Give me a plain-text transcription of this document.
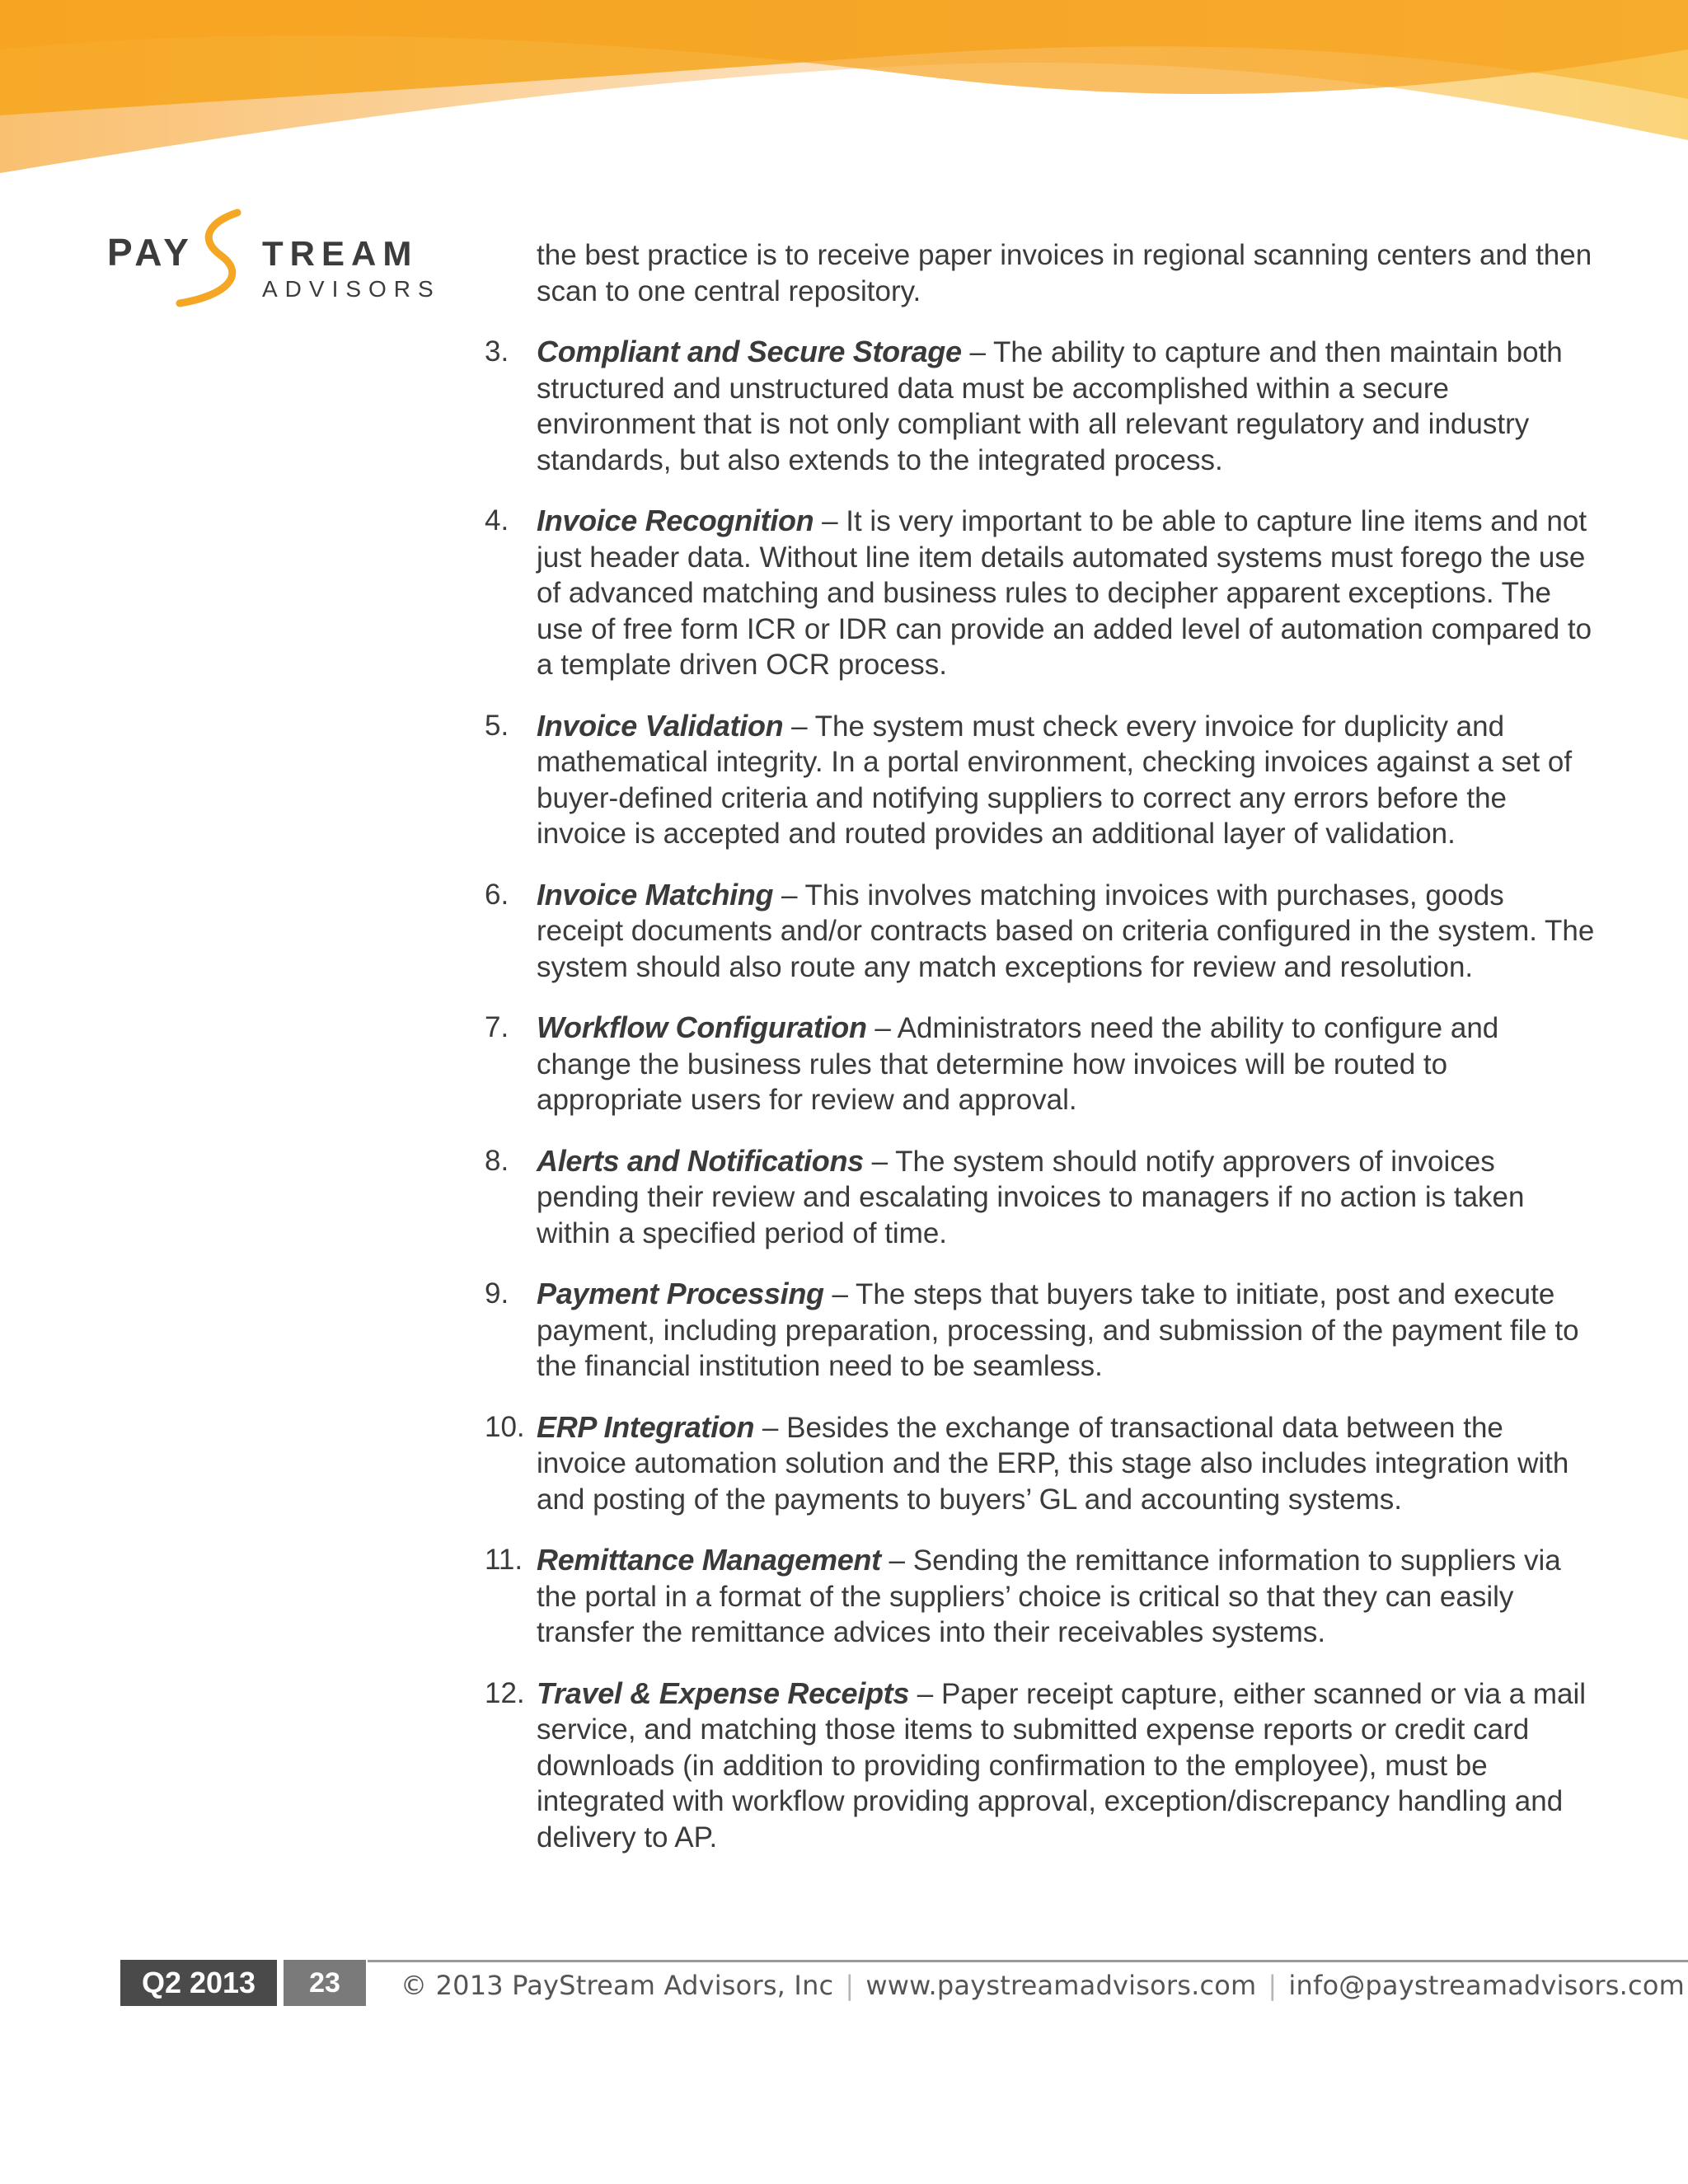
PAY TREAM
ADVISORS

the best practice is to receive paper invoices in regional scanning centers and then scan to one central repository.

3. Compliant and Secure Storage – The ability to capture and then maintain both structured and unstructured data must be accomplished within a secure environment that is not only compliant with all relevant regulatory and industry standards, but also extends to the integrated process.
4. Invoice Recognition – It is very important to be able to capture line items and not just header data. Without line item details automated systems must forego the use of advanced matching and business rules to decipher apparent exceptions. The use of free form ICR or IDR can provide an added level of automation compared to a template driven OCR process.
5. Invoice Validation – The system must check every invoice for duplicity and mathematical integrity. In a portal environment, checking invoices against a set of buyer-defined criteria and notifying suppliers to correct any errors before the invoice is accepted and routed provides an additional layer of validation.
6. Invoice Matching – This involves matching invoices with purchases, goods receipt documents and/or contracts based on criteria configured in the system. The system should also route any match exceptions for review and resolution.
7. Workflow Configuration – Administrators need the ability to configure and change the business rules that determine how invoices will be routed to appropriate users for review and approval.
8. Alerts and Notifications – The system should notify approvers of invoices pending their review and escalating invoices to managers if no action is taken within a specified period of time.
9. Payment Processing – The steps that buyers take to initiate, post and execute payment, including preparation, processing, and submission of the payment file to the financial institution need to be seamless.
10. ERP Integration – Besides the exchange of transactional data between the invoice automation solution and the ERP, this stage also includes integration with and posting of the payments to buyers’ GL and accounting systems.
11. Remittance Management – Sending the remittance information to suppliers via the portal in a format of the suppliers’ choice is critical so that they can easily transfer the remittance advices into their receivables systems.
12. Travel & Expense Receipts – Paper receipt capture, either scanned or via a mail service, and matching those items to submitted expense reports or credit card downloads (in addition to providing confirmation to the employee), must be integrated with workflow providing approval, exception/discrepancy handling and delivery to AP.
Q2 2013	23	© 2013 PayStream Advisors, Inc | www.paystreamadvisors.com | info@paystreamadvisors.com
